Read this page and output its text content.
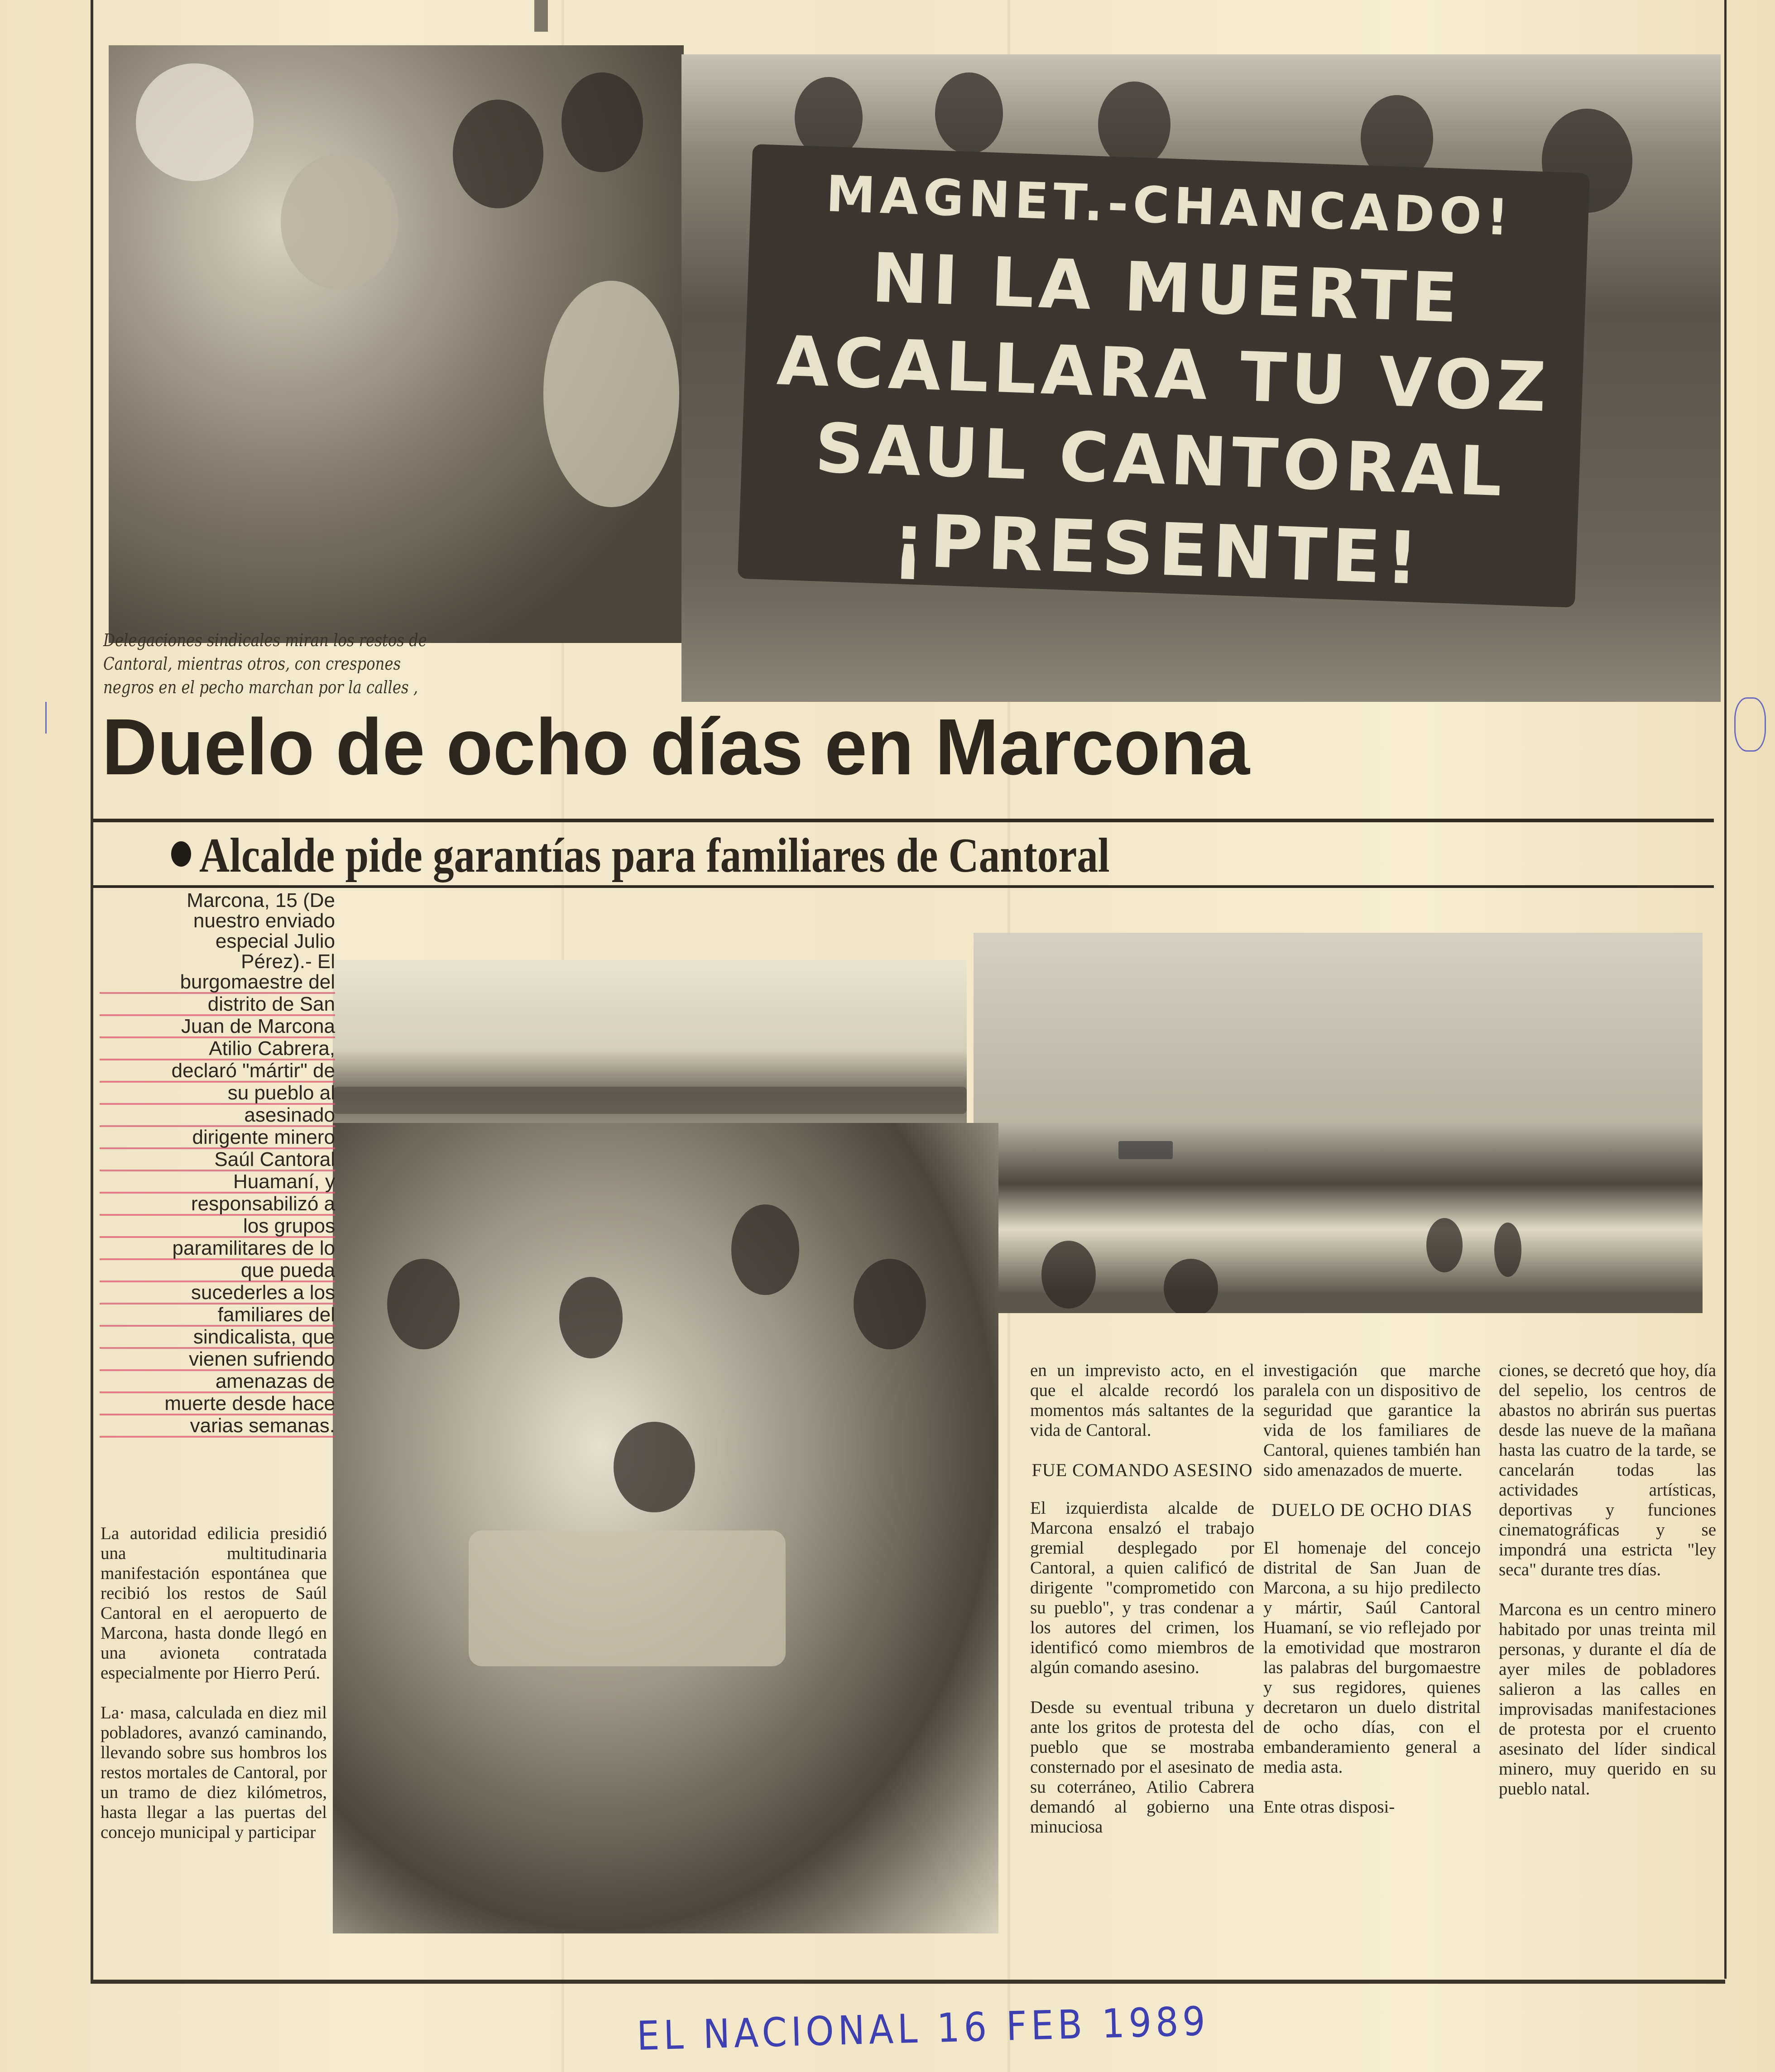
MAGNET.-CHANCADO!
NI LA MUERTE
ACALLARA TU VOZ
SAUL CANTORAL
¡PRESENTE!
Delegaciones sindicales miran los restos de Cantoral, mientras otros, con crespones negros en el pecho marchan por la calles ,
Duelo de ocho días en Marcona
Alcalde pide garantías para familiares de Cantoral
Marcona, 15 (De
nuestro enviado
especial Julio
Pérez).- El
burgomaestre del
distrito de San
Juan de Marcona
Atilio Cabrera,
declaró "mártir" de
su pueblo al
asesinado
dirigente minero
Saúl Cantoral
Huamaní, y
responsabilizó a
los grupos
paramilitares de lo
que pueda
sucederles a los
familiares del
sindicalista, que
vienen sufriendo
amenazas de
muerte desde hace
varias semanas.

La autoridad edilicia presidió una multitudinaria manifestación espontánea que recibió los restos de Saúl Cantoral en el aeropuerto de Marcona, hasta donde llegó en una avioneta contratada especialmente por Hierro Perú.

La· masa, calculada en diez mil pobladores, avanzó caminando, llevando sobre sus hombros los restos mortales de Cantoral, por un tramo de diez kilómetros, hasta llegar a las puertas del concejo municipal y participar

en un imprevisto acto, en el que el alcalde recordó los momentos más saltantes de la vida de Cantoral.

FUE COMANDO ASESINO

El izquierdista alcalde de Marcona ensalzó el trabajo gremial desplegado por Cantoral, a quien calificó de dirigente "comprometido con su pueblo", y tras condenar a los autores del crimen, los identificó como miembros de algún comando asesino.

Desde su eventual tribuna y ante los gritos de protesta del pueblo que se mostraba consternado por el asesinato de su coterráneo, Atilio Cabrera demandó al gobierno una minuciosa

investigación que marche paralela con un dispositivo de seguridad que garantice la vida de los familiares de Cantoral, quienes también han sido amenazados de muerte.

DUELO DE OCHO DIAS

El homenaje del concejo distrital de San Juan de Marcona, a su hijo predilecto y mártir, Saúl Cantoral Huamaní, se vio reflejado por la emotividad que mostraron las palabras del burgomaestre y sus regidores, quienes decretaron un duelo distrital de ocho días, con el embanderamiento general a media asta.

Ente otras disposi-

ciones, se decretó que hoy, día del sepelio, los centros de abastos no abrirán sus puertas desde las nueve de la mañana hasta las cuatro de la tarde, se cancelarán todas las actividades artísticas, deportivas y funciones cinematográficas y se impondrá una estricta "ley seca" durante tres días.

Marcona es un centro minero habitado por unas treinta mil personas, y durante el día de ayer miles de pobladores salieron a las calles en improvisadas manifestaciones de protesta por el cruento asesinato del líder sindical minero, muy querido en su pueblo natal.

EL NACIONAL 16 FEB 1989
